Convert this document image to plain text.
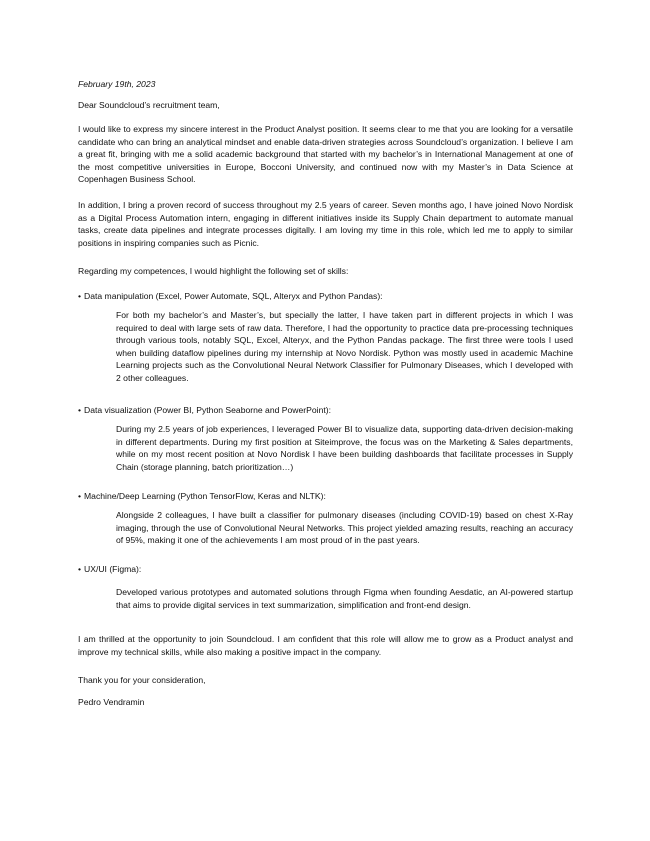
February 19th, 2023
Dear Soundcloud’s recruitment team,
I would like to express my sincere interest in the Product Analyst position. It seems clear to me that you are looking for a versatile candidate who can bring an analytical mindset and enable data-driven strategies across Soundcloud’s organization. I believe I am a great fit, bringing with me a solid academic background that started with my bachelor’s in International Management at one of the most competitive universities in Europe, Bocconi University, and continued now with my Master’s in Data Science at Copenhagen Business School.
In addition, I bring a proven record of success throughout my 2.5 years of career. Seven months ago, I have joined Novo Nordisk as a Digital Process Automation intern, engaging in different initiatives inside its Supply Chain department to automate manual tasks, create data pipelines and integrate processes digitally. I am loving my time in this role, which led me to apply to similar positions in inspiring companies such as Picnic.
Regarding my competences, I would highlight the following set of skills:
• Data manipulation (Excel, Power Automate, SQL, Alteryx and Python Pandas):
For both my bachelor’s and Master’s, but specially the latter, I have taken part in different projects in which I was required to deal with large sets of raw data. Therefore, I had the opportunity to practice data pre-processing techniques through various tools, notably SQL, Excel, Alteryx, and the Python Pandas package. The first three were tools I used when building dataflow pipelines during my internship at Novo Nordisk. Python was mostly used in academic Machine Learning projects such as the Convolutional Neural Network Classifier for Pulmonary Diseases, which I developed with 2 other colleagues.
• Data visualization (Power BI, Python Seaborne and PowerPoint):
During my 2.5 years of job experiences, I leveraged Power BI to visualize data, supporting data-driven decision-making in different departments. During my first position at Siteimprove, the focus was on the Marketing & Sales departments, while on my most recent position at Novo Nordisk I have been building dashboards that facilitate processes in Supply Chain (storage planning, batch prioritization…)
• Machine/Deep Learning (Python TensorFlow, Keras and NLTK):
Alongside 2 colleagues, I have built a classifier for pulmonary diseases (including COVID-19) based on chest X-Ray imaging, through the use of Convolutional Neural Networks. This project yielded amazing results, reaching an accuracy of 95%, making it one of the achievements I am most proud of in the past years.
• UX/UI (Figma):
Developed various prototypes and automated solutions through Figma when founding Aesdatic, an AI-powered startup that aims to provide digital services in text summarization, simplification and front-end design.
I am thrilled at the opportunity to join Soundcloud. I am confident that this role will allow me to grow as a Product analyst and improve my technical skills, while also making a positive impact in the company.
Thank you for your consideration,
Pedro Vendramin
